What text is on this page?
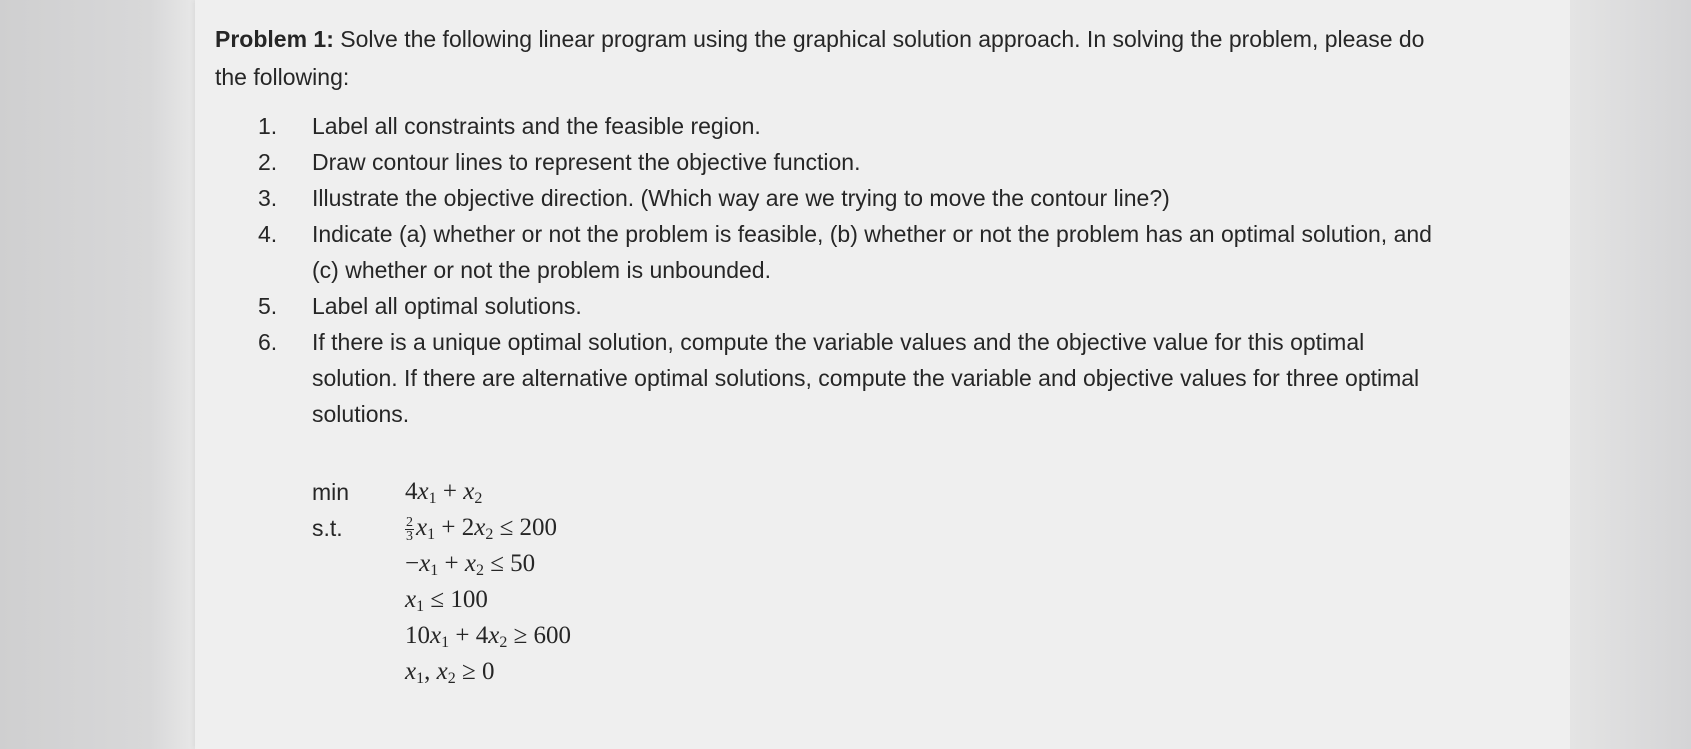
Problem 1: Solve the following linear program using the graphical solution approach. In solving the problem, please do the following:
1.	Label all constraints and the feasible region.
2.	Draw contour lines to represent the objective function.
3.	Illustrate the objective direction. (Which way are we trying to move the contour line?)
4.	Indicate (a) whether or not the problem is feasible, (b) whether or not the problem has an optimal solution, and (c) whether or not the problem is unbounded.
5.	Label all optimal solutions.
6.	If there is a unique optimal solution, compute the variable values and the objective value for this optimal solution. If there are alternative optimal solutions, compute the variable and objective values for three optimal solutions.
min	$4x_1 + x_2$
s.t.	$\frac{2}{3} x_1 + 2x_2 \le 200$
$-x_1 + x_2 \le 50$
$x_1 \le 100$
$10x_1 + 4x_2 \ge 600$
$x_1$, $x_2 \ge 0$
